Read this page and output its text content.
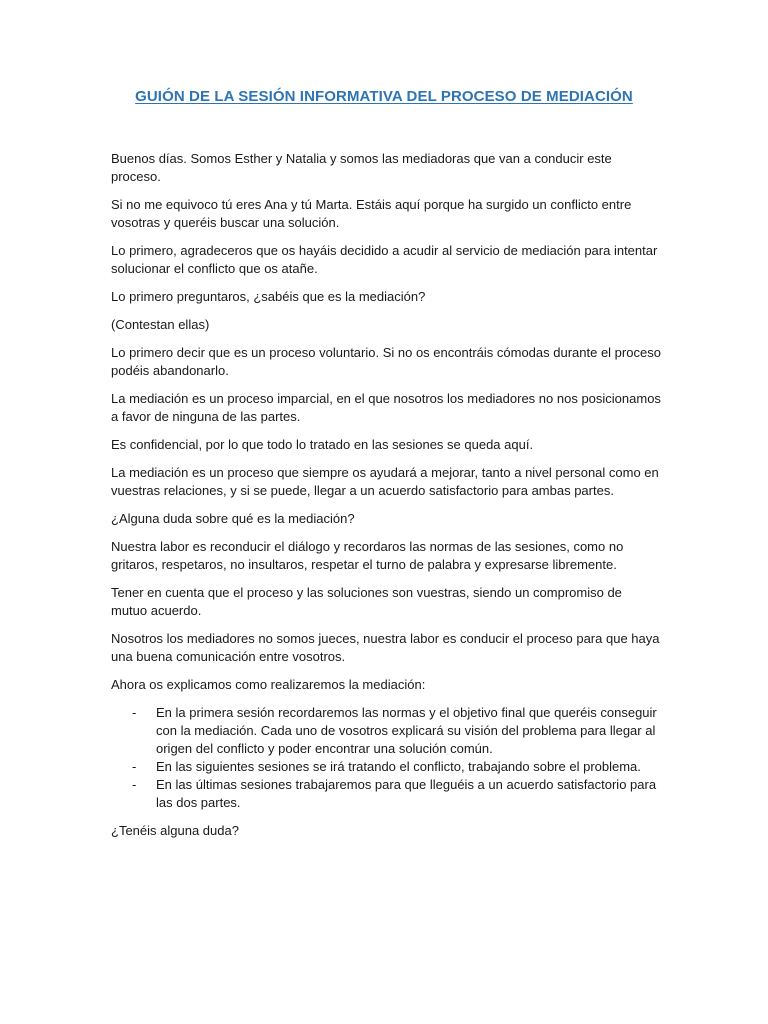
GUIÓN DE LA SESIÓN INFORMATIVA DEL PROCESO DE MEDIACIÓN

Buenos días. Somos Esther y Natalia y somos las mediadoras que van a conducir este proceso.

Si no me equivoco tú eres Ana y tú Marta. Estáis aquí porque ha surgido un conflicto entre vosotras y queréis buscar una solución.

Lo primero, agradeceros que os hayáis decidido a acudir al servicio de mediación para intentar solucionar el conflicto que os atañe.

Lo primero preguntaros, ¿sabéis que es la mediación?

(Contestan ellas)

Lo primero decir que es un proceso voluntario. Si no os encontráis cómodas durante el proceso podéis abandonarlo.

La mediación es un proceso imparcial, en el que nosotros los mediadores no nos posicionamos a favor de ninguna de las partes.

Es confidencial, por lo que todo lo tratado en las sesiones se queda aquí.

La mediación es un proceso que siempre os ayudará a mejorar, tanto a nivel personal como en vuestras relaciones, y si se puede, llegar a un acuerdo satisfactorio para ambas partes.

¿Alguna duda sobre qué es la mediación?

Nuestra labor es reconducir el diálogo y recordaros las normas de las sesiones, como no gritaros, respetaros, no insultaros, respetar el turno de palabra y expresarse libremente.

Tener en cuenta que el proceso y las soluciones son vuestras, siendo un compromiso de mutuo acuerdo.

Nosotros los mediadores no somos jueces, nuestra labor es conducir el proceso para que haya una buena comunicación entre vosotros.

Ahora os explicamos como realizaremos la mediación:

- En la primera sesión recordaremos las normas y el objetivo final que queréis conseguir con la mediación. Cada uno de vosotros explicará su visión del problema para llegar al origen del conflicto y poder encontrar una solución común.
- En las siguientes sesiones se irá tratando el conflicto, trabajando sobre el problema.
- En las últimas sesiones trabajaremos para que lleguéis a un acuerdo satisfactorio para las dos partes.

¿Tenéis alguna duda?
